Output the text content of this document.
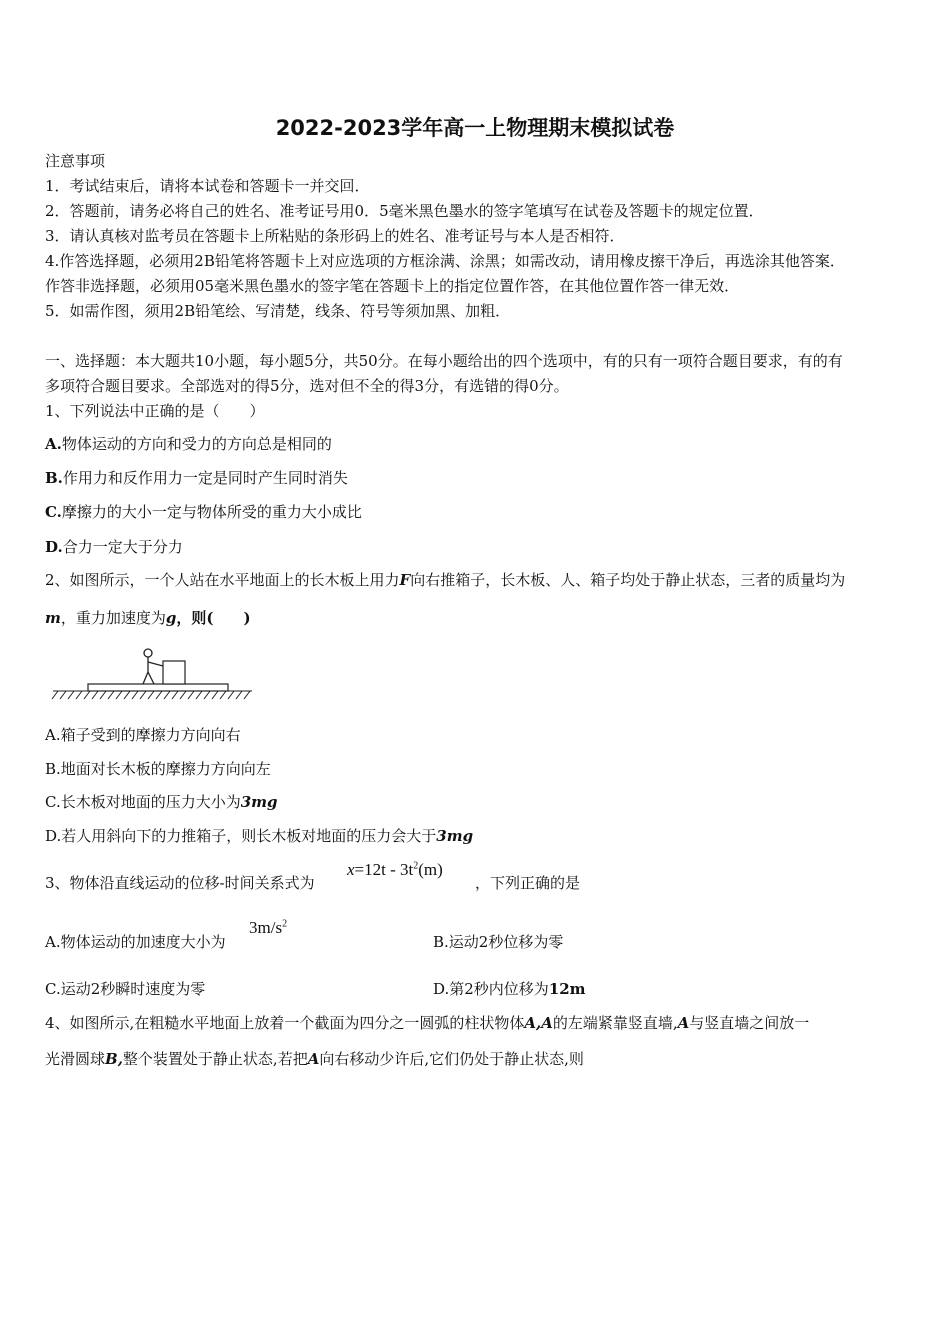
2022-2023学年高一上物理期末模拟试卷
注意事项
1．考试结束后，请将本试卷和答题卡一并交回．
2．答题前，请务必将自己的姓名、准考证号用0．5毫米黑色墨水的签字笔填写在试卷及答题卡的规定位置．
3．请认真核对监考员在答题卡上所粘贴的条形码上的姓名、准考证号与本人是否相符．
4.作答选择题，必须用2B铅笔将答题卡上对应选项的方框涂满、涂黑；如需改动，请用橡皮擦干净后，再选涂其他答案．
作答非选择题，必须用05毫米黑色墨水的签字笔在答题卡上的指定位置作答，在其他位置作答一律无效．
5．如需作图，须用2B铅笔绘、写清楚，线条、符号等须加黑、加粗．
一、选择题：本大题共10小题，每小题5分，共50分。在每小题给出的四个选项中，有的只有一项符合题目要求，有的有
多项符合题目要求。全部选对的得5分，选对但不全的得3分，有选错的得0分。
1、下列说法中正确的是（　　）
A.物体运动的方向和受力的方向总是相同的
B.作用力和反作用力一定是同时产生同时消失
C.摩擦力的大小一定与物体所受的重力大小成比
D.合力一定大于分力
2、如图所示，一个人站在水平地面上的长木板上用力F向右推箱子，长木板、人、箱子均处于静止状态，三者的质量均为
m，重力加速度为g，则(　　)
A.箱子受到的摩擦力方向向右
B.地面对长木板的摩擦力方向向左
C.长木板对地面的压力大小为3mg
D.若人用斜向下的力推箱子，则长木板对地面的压力会大于3mg
3、物体沿直线运动的位移-时间关系式为
$x=12t - 3t^2(m)$
，下列正确的是
A.物体运动的加速度大小为
$3m/s^2$
B.运动2秒位移为零
C.运动2秒瞬时速度为零	D.第2秒内位移为12m
4、如图所示,在粗糙水平地面上放着一个截面为四分之一圆弧的柱状物体A,A的左端紧靠竖直墙,A与竖直墙之间放一
光滑圆球B,整个装置处于静止状态,若把A向右移动少许后,它们仍处于静止状态,则
